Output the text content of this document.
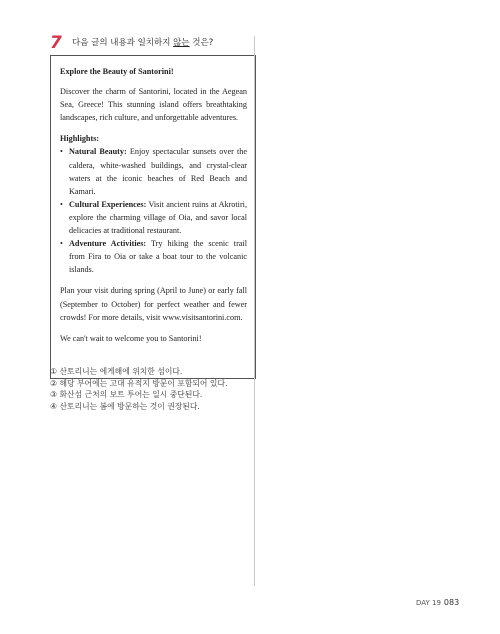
7 다음 글의 내용과 일치하지 않는 것은?
Explore the Beauty of Santorini!

Discover the charm of Santorini, located in the Aegean Sea, Greece! This stunning island offers breathtaking landscapes, rich culture, and unforgettable adventures.

Highlights:
• Natural Beauty: Enjoy spectacular sunsets over the caldera, white-washed buildings, and crystal-clear waters at the iconic beaches of Red Beach and Kamari.
• Cultural Experiences: Visit ancient ruins at Akrotiri, explore the charming village of Oia, and savor local delicacies at traditional restaurant.
• Adventure Activities: Try hiking the scenic trail from Fira to Oia or take a boat tour to the volcanic islands.

Plan your visit during spring (April to June) or early fall (September to October) for perfect weather and fewer crowds! For more details, visit www.visitsantorini.com.

We can't wait to welcome you to Santorini!

① 산토리니는 에게해에 위치한 섬이다.
② 해당 부어에는 고대 유적지 방문이 포함되어 있다.
③ 화산섬 근처의 보트 투어는 일시 중단된다.
④ 산토리니는 봄에 방문하는 것이 권장된다.
DAY 19 083
